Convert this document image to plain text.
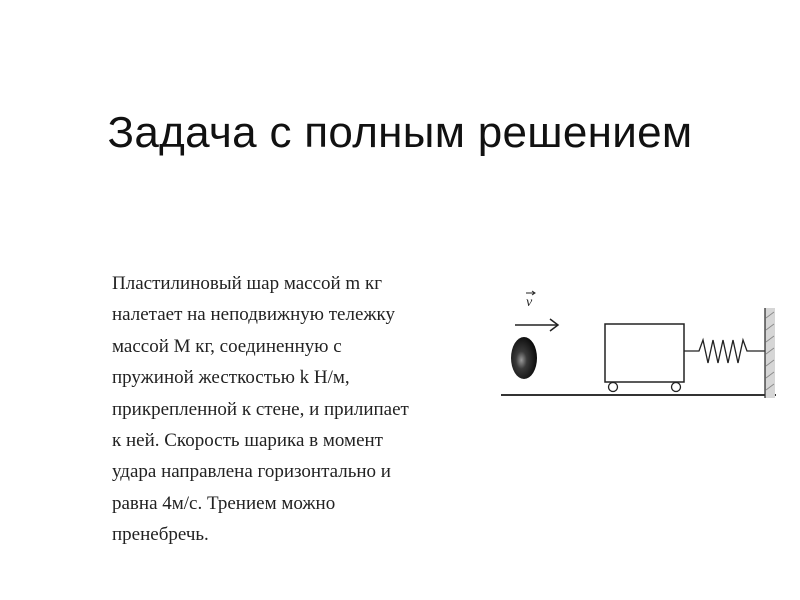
Задача с полным решением
Пластилиновый шар массой m кг
налетает на неподвижную тележку
массой M кг, соединенную с
пружиной жесткостью k Н/м,
прикрепленной к стене, и прилипает
к ней. Скорость шарика в момент
удара направлена горизонтально и
равна 4м/с. Трением можно
пренебречь.
v
